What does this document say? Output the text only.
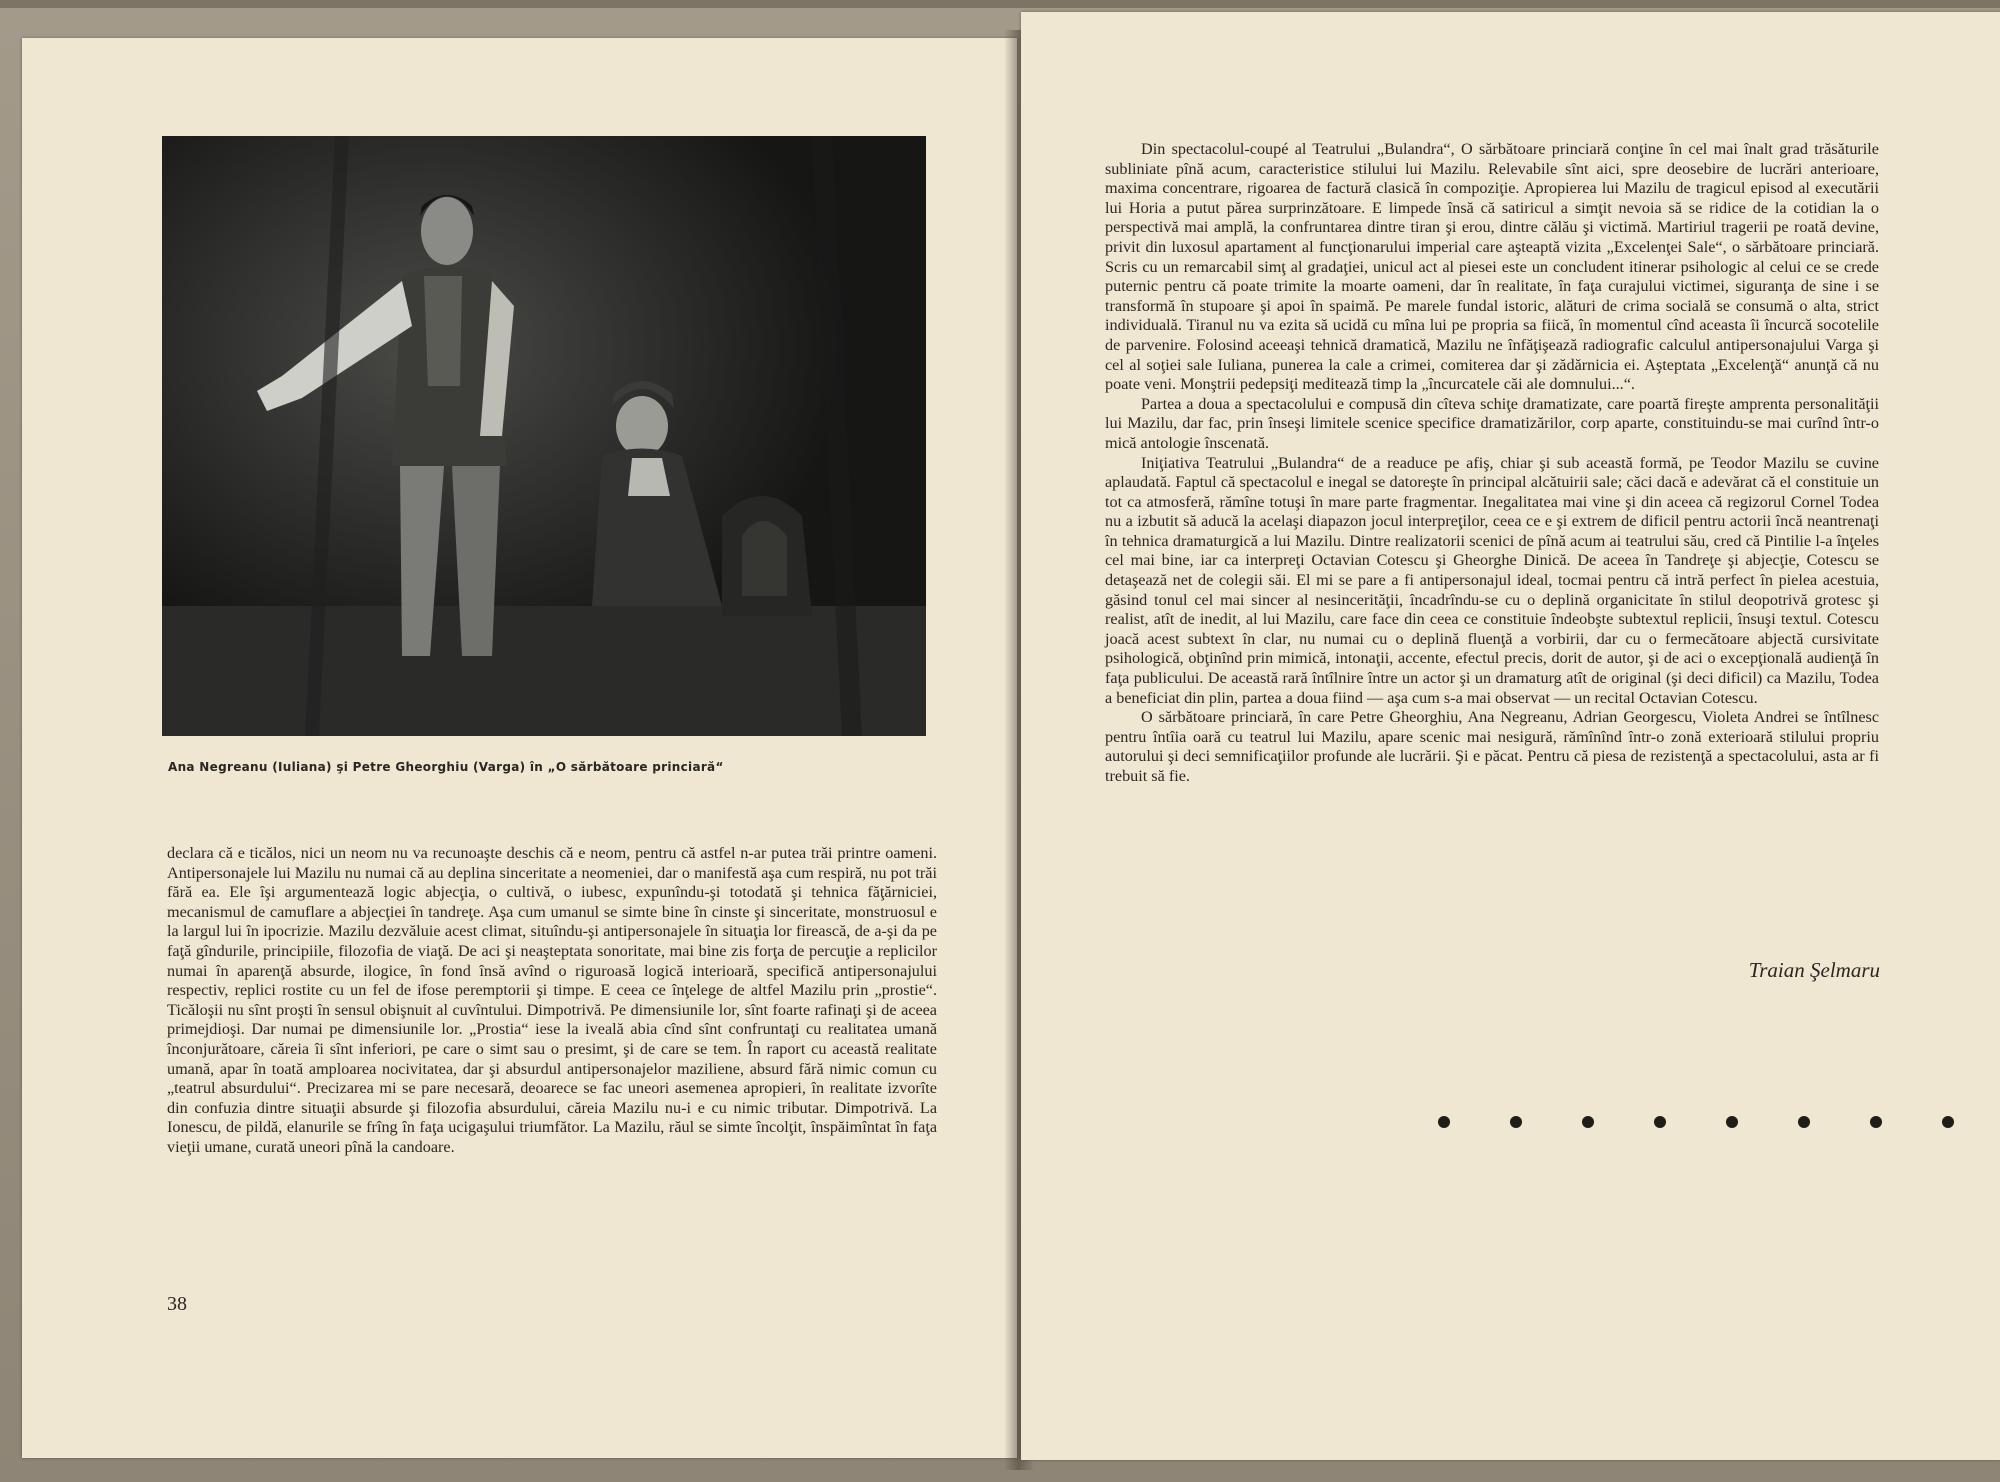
Ana Negreanu (Iuliana) şi Petre Gheorghiu (Varga) în „O sărbătoare princiară“

declara că e ticălos, nici un neom nu va recunoaşte deschis că e neom, pentru că astfel n-ar putea trăi printre oameni. Antipersonajele lui Mazilu nu numai că au deplina sinceritate a neomeniei, dar o manifestă aşa cum respiră, nu pot trăi fără ea. Ele îşi argumentează logic abjecţia, o cultivă, o iubesc, expunîndu-şi totodată şi tehnica făţărniciei, mecanismul de camuflare a abjecţiei în tandreţe. Aşa cum umanul se simte bine în cinste şi sinceritate, monstruosul e la largul lui în ipocrizie. Mazilu dezvăluie acest climat, situîndu-şi antipersonajele în situaţia lor firească, de a-şi da pe faţă gîndurile, principiile, filozofia de viaţă. De aci şi neaşteptata sonoritate, mai bine zis forţa de percuţie a replicilor numai în aparenţă absurde, ilogice, în fond însă avînd o riguroasă logică interioară, specifică antipersonajului respectiv, replici rostite cu un fel de ifose peremptorii şi timpe. E ceea ce înţelege de altfel Mazilu prin „prostie“. Ticăloşii nu sînt proşti în sensul obişnuit al cuvîntului. Dimpotrivă. Pe dimensiunile lor, sînt foarte rafinaţi şi de aceea primejdioşi. Dar numai pe dimensiunile lor. „Prostia“ iese la iveală abia cînd sînt confruntaţi cu realitatea umană înconjurătoare, căreia îi sînt inferiori, pe care o simt sau o presimt, şi de care se tem. În raport cu această realitate umană, apar în toată amploarea nocivitatea, dar şi absurdul antipersonajelor maziliene, absurd fără nimic comun cu „teatrul absurdului“. Precizarea mi se pare necesară, deoarece se fac uneori asemenea apropieri, în realitate izvorîte din confuzia dintre situaţii absurde şi filozofia absurdului, căreia Mazilu nu-i e cu nimic tributar. Dimpotrivă. La Ionescu, de pildă, elanurile se frîng în faţa ucigaşului triumfător. La Mazilu, răul se simte încolţit, înspăimîntat în faţa vieţii umane, curată uneori pînă la candoare.

38

Din spectacolul-coupé al Teatrului „Bulandra“, O sărbătoare princiară conţine în cel mai înalt grad trăsăturile subliniate pînă acum, caracteristice stilului lui Mazilu. Relevabile sînt aici, spre deosebire de lucrări anterioare, maxima concentrare, rigoarea de factură clasică în compoziţie. Apropierea lui Mazilu de tragicul episod al executării lui Horia a putut părea surprinzătoare. E limpede însă că satiricul a simţit nevoia să se ridice de la cotidian la o perspectivă mai amplă, la confruntarea dintre tiran şi erou, dintre călău şi victimă. Martiriul tragerii pe roată devine, privit din luxosul apartament al funcţionarului imperial care aşteaptă vizita „Excelenţei Sale“, o sărbătoare princiară. Scris cu un remarcabil simţ al gradaţiei, unicul act al piesei este un concludent itinerar psihologic al celui ce se crede puternic pentru că poate trimite la moarte oameni, dar în realitate, în faţa curajului victimei, siguranţa de sine i se transformă în stupoare şi apoi în spaimă. Pe marele fundal istoric, alături de crima socială se consumă o alta, strict individuală. Tiranul nu va ezita să ucidă cu mîna lui pe propria sa fiică, în momentul cînd aceasta îi încurcă socotelile de parvenire. Folosind aceeaşi tehnică dramatică, Mazilu ne înfăţişează radiografic calculul antipersonajului Varga şi cel al soţiei sale Iuliana, punerea la cale a crimei, comiterea dar şi zădărnicia ei. Aşteptata „Excelenţă“ anunţă că nu poate veni. Monştrii pedepsiţi meditează timp la „încurcatele căi ale domnului...“.

Partea a doua a spectacolului e compusă din cîteva schiţe dramatizate, care poartă fireşte amprenta personalităţii lui Mazilu, dar fac, prin înseşi limitele scenice specifice dramatizărilor, corp aparte, constituindu-se mai curînd într-o mică antologie înscenată.

Iniţiativa Teatrului „Bulandra“ de a readuce pe afiş, chiar şi sub această formă, pe Teodor Mazilu se cuvine aplaudată. Faptul că spectacolul e inegal se datoreşte în principal alcătuirii sale; căci dacă e adevărat că el constituie un tot ca atmosferă, rămîne totuşi în mare parte fragmentar. Inegalitatea mai vine şi din aceea că regizorul Cornel Todea nu a izbutit să aducă la acelaşi diapazon jocul interpreţilor, ceea ce e şi extrem de dificil pentru actorii încă neantrenaţi în tehnica dramaturgică a lui Mazilu. Dintre realizatorii scenici de pînă acum ai teatrului său, cred că Pintilie l-a înţeles cel mai bine, iar ca interpreţi Octavian Cotescu şi Gheorghe Dinică. De aceea în Tandreţe şi abjecţie, Cotescu se detaşează net de colegii săi. El mi se pare a fi antipersonajul ideal, tocmai pentru că intră perfect în pielea acestuia, găsind tonul cel mai sincer al nesincerităţii, încadrîndu-se cu o deplină organicitate în stilul deopotrivă grotesc şi realist, atît de inedit, al lui Mazilu, care face din ceea ce constituie îndeobşte subtextul replicii, însuşi textul. Cotescu joacă acest subtext în clar, nu numai cu o deplină fluenţă a vorbirii, dar cu o fermecătoare abjectă cursivitate psihologică, obţinînd prin mimică, intonaţii, accente, efectul precis, dorit de autor, şi de aci o excepţională audienţă în faţa publicului. De această rară întîlnire între un actor şi un dramaturg atît de original (şi deci dificil) ca Mazilu, Todea a beneficiat din plin, partea a doua fiind — aşa cum s-a mai observat — un recital Octavian Cotescu.

O sărbătoare princiară, în care Petre Gheorghiu, Ana Negreanu, Adrian Georgescu, Violeta Andrei se întîlnesc pentru întîia oară cu teatrul lui Mazilu, apare scenic mai nesigură, rămînînd într-o zonă exterioară stilului propriu autorului şi deci semnificaţiilor profunde ale lucrării. Şi e păcat. Pentru că piesa de rezistenţă a spectacolului, asta ar fi trebuit să fie.

Traian Şelmaru
